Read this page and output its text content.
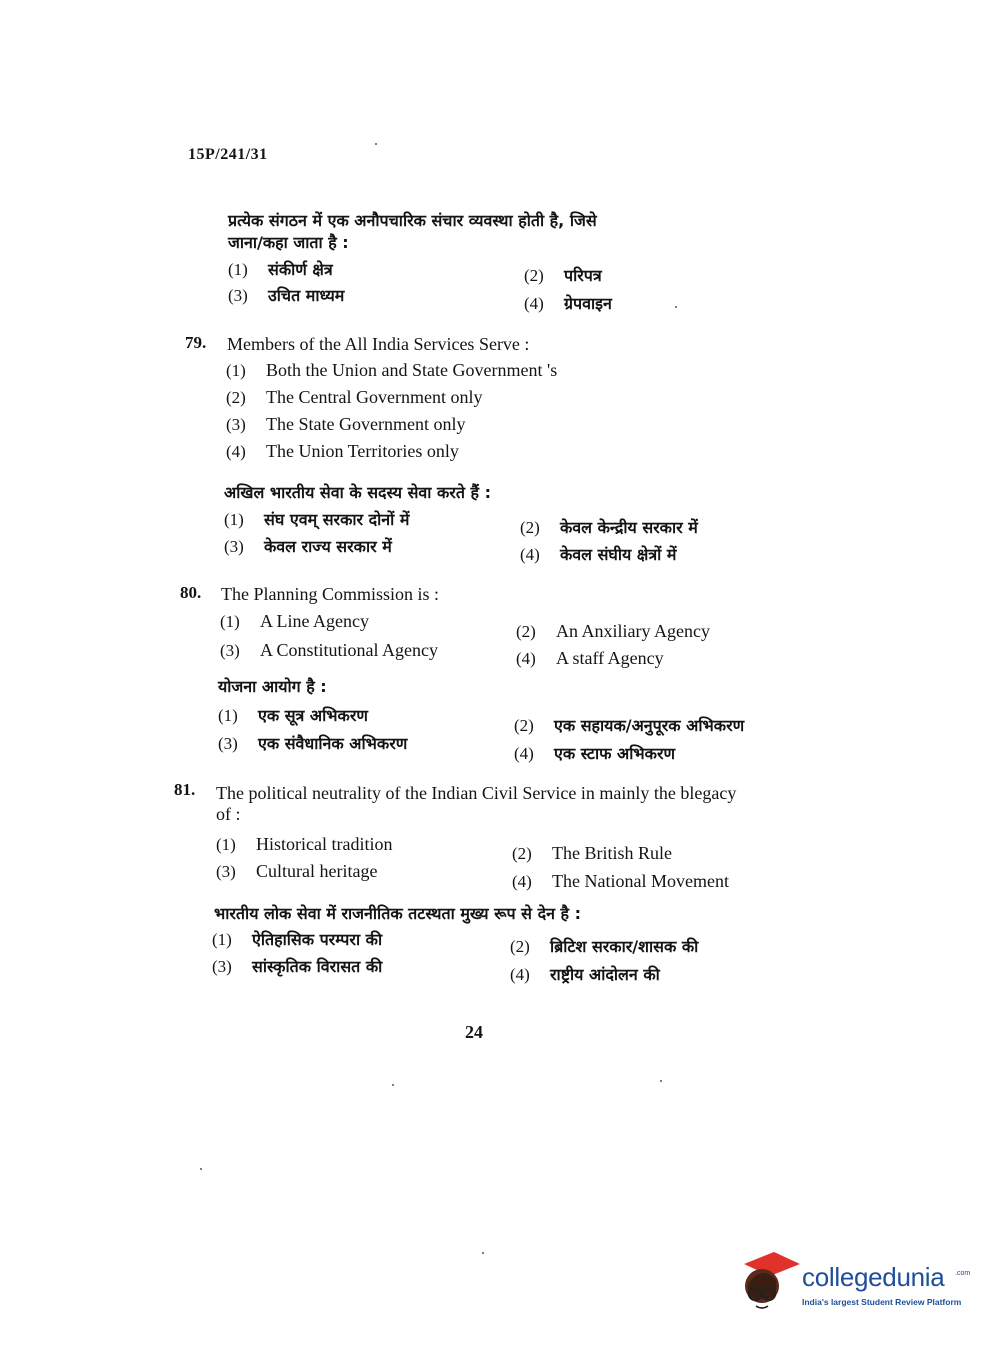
15P/241/31
प्रत्येक संगठन में एक अनौपचारिक संचार व्यवस्था होती है, जिसे
जाना/कहा जाता है :
(1) संकीर्ण क्षेत्र	(2) परिपत्र
(3) उचित माध्यम	(4) ग्रेपवाइन
79. Members of the All India Services Serve :
(1) Both the Union and State Government 's
(2) The Central Government only
(3) The State Government only
(4) The Union Territories only
अखिल भारतीय सेवा के सदस्य सेवा करते हैं :
(1) संघ एवम् सरकार दोनों में	(2) केवल केन्द्रीय सरकार में
(3) केवल राज्य सरकार में	(4) केवल संघीय क्षेत्रों में
80. The Planning Commission is :
(1) A Line Agency
(2) An Anxiliary Agency
(3) A Constitutional Agency	(4) A staff Agency
योजना आयोग है :
(1) एक सूत्र अभिकरण
(2) एक सहायक/अनुपूरक अभिकरण
(3) एक संवैधानिक अभिकरण
(4) एक स्टाफ अभिकरण
81. The political neutrality of the Indian Civil Service in mainly the blegacy
of :
(1) Historical tradition	(2) The British Rule
(3) Cultural heritage
(4) The National Movement
भारतीय लोक सेवा में राजनीतिक तटस्थता मुख्य रूप से देन है :
(1) ऐतिहासिक परम्परा की	(2) ब्रिटिश सरकार/शासक की
(3) सांस्कृतिक विरासत की	(4) राष्ट्रीय आंदोलन की
24
collegedunia .com
India's largest Student Review Platform
